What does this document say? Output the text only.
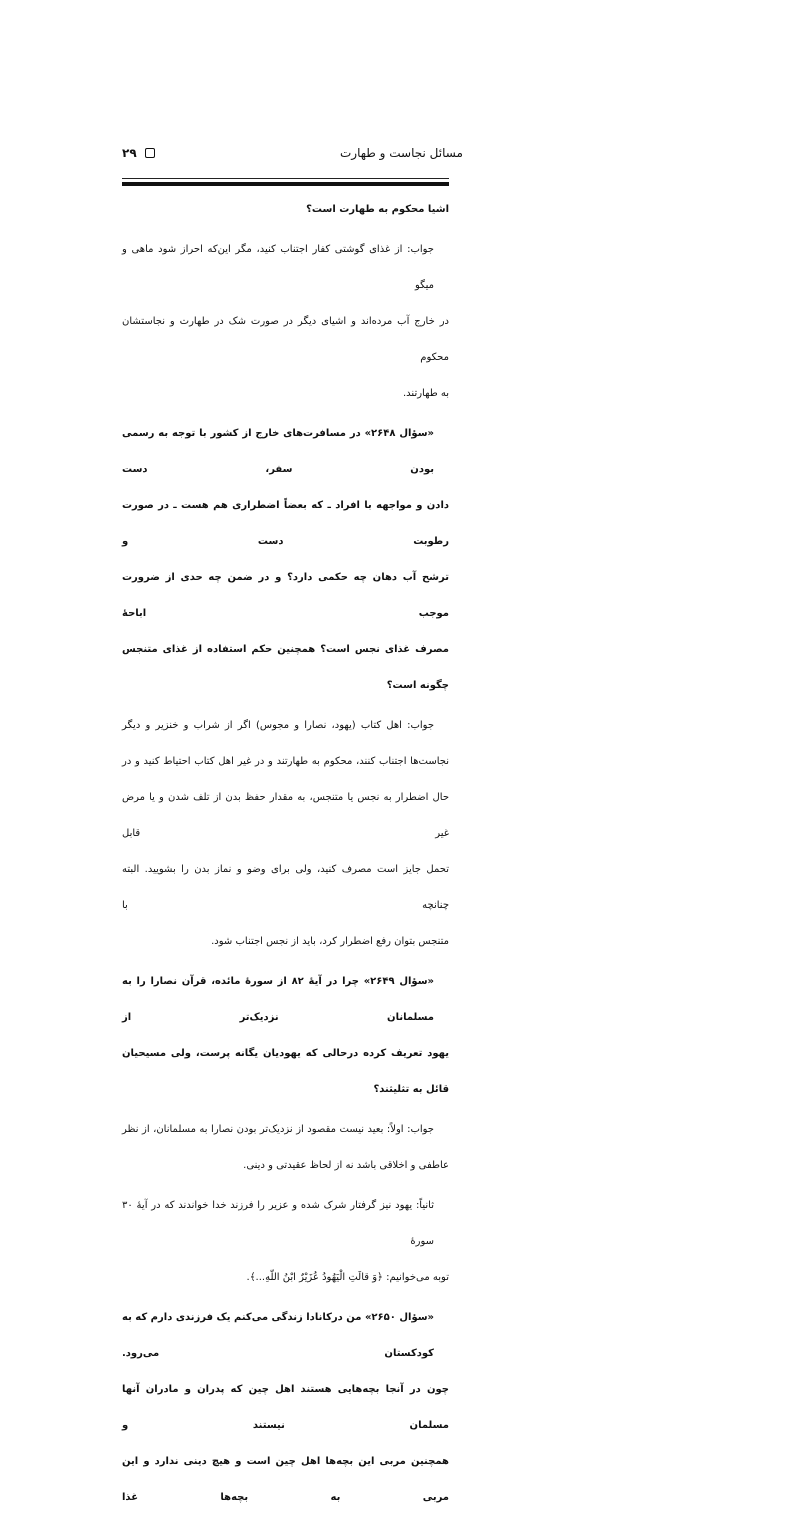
مسائل نجاست و طهارت
۲۹
اشیا محکوم به طهارت است؟
جواب: از غذای گوشتی کفار اجتناب کنید، مگر این‌که احراز شود ماهی و میگو
در خارج آب مرده‌اند و اشیای دیگر در صورت شک در طهارت و نجاستشان محکوم
به طهارتند.
«سؤال ۲۶۴۸» در مسافرت‌های خارج از کشور با توجه به رسمی بودن سفر، دست
دادن و مواجهه با افراد ـ که بعضاً اضطراری هم هست ـ در صورت رطوبت دست و
ترشح آب دهان چه حکمی دارد؟ و در ضمن چه حدی از ضرورت موجب اباحهٔ
مصرف غذای نجس است؟ همچنین حکم استفاده از غذای متنجس چگونه است؟
جواب: اهل کتاب (یهود، نصارا و مجوس) اگر از شراب و خنزیر و دیگر
نجاست‌ها اجتناب کنند، محکوم به طهارتند و در غیر اهل کتاب احتیاط کنید و در
حال اضطرار به نجس یا متنجس، به مقدار حفظ بدن از تلف شدن و یا مرض غیر قابل
تحمل جایز است مصرف کنید، ولی برای وضو و نماز بدن را بشویید. البته چنانچه با
متنجس بتوان رفع اضطرار کرد، باید از نجس اجتناب شود.
«سؤال ۲۶۴۹» چرا در آیهٔ ۸۲ از سورهٔ مائده، قرآن نصارا را به مسلمانان نزدیک‌تر از
یهود تعریف کرده درحالی که یهودیان یگانه پرست، ولی مسیحیان قائل به تثلیثند؟
جواب: اولاً: بعید نیست مقصود از نزدیک‌تر بودن نصارا به مسلمانان، از نظر
عاطفی و اخلاقی باشد نه از لحاظ عقیدتی و دینی.
ثانیاً: یهود نیز گرفتار شرک شده و عزیر را فرزند خدا خواندند که در آیهٔ ۳۰ سورهٔ
توبه می‌خوانیم: ﴿وَ قالَتِ الْيَهُودُ عُزَيْرٌ ابْنُ اللّهِ...﴾.
«سؤال ۲۶۵۰» من درکانادا زندگی می‌کنم یک فرزندی دارم که به کودکستان می‌رود.
چون در آنجا بچه‌هایی هستند اهل چین که پدران و مادران آنها مسلمان نیستند و
همچنین مربی این بچه‌ها اهل چین است و هیچ دینی ندارد و این مربی به بچه‌ها غذا
